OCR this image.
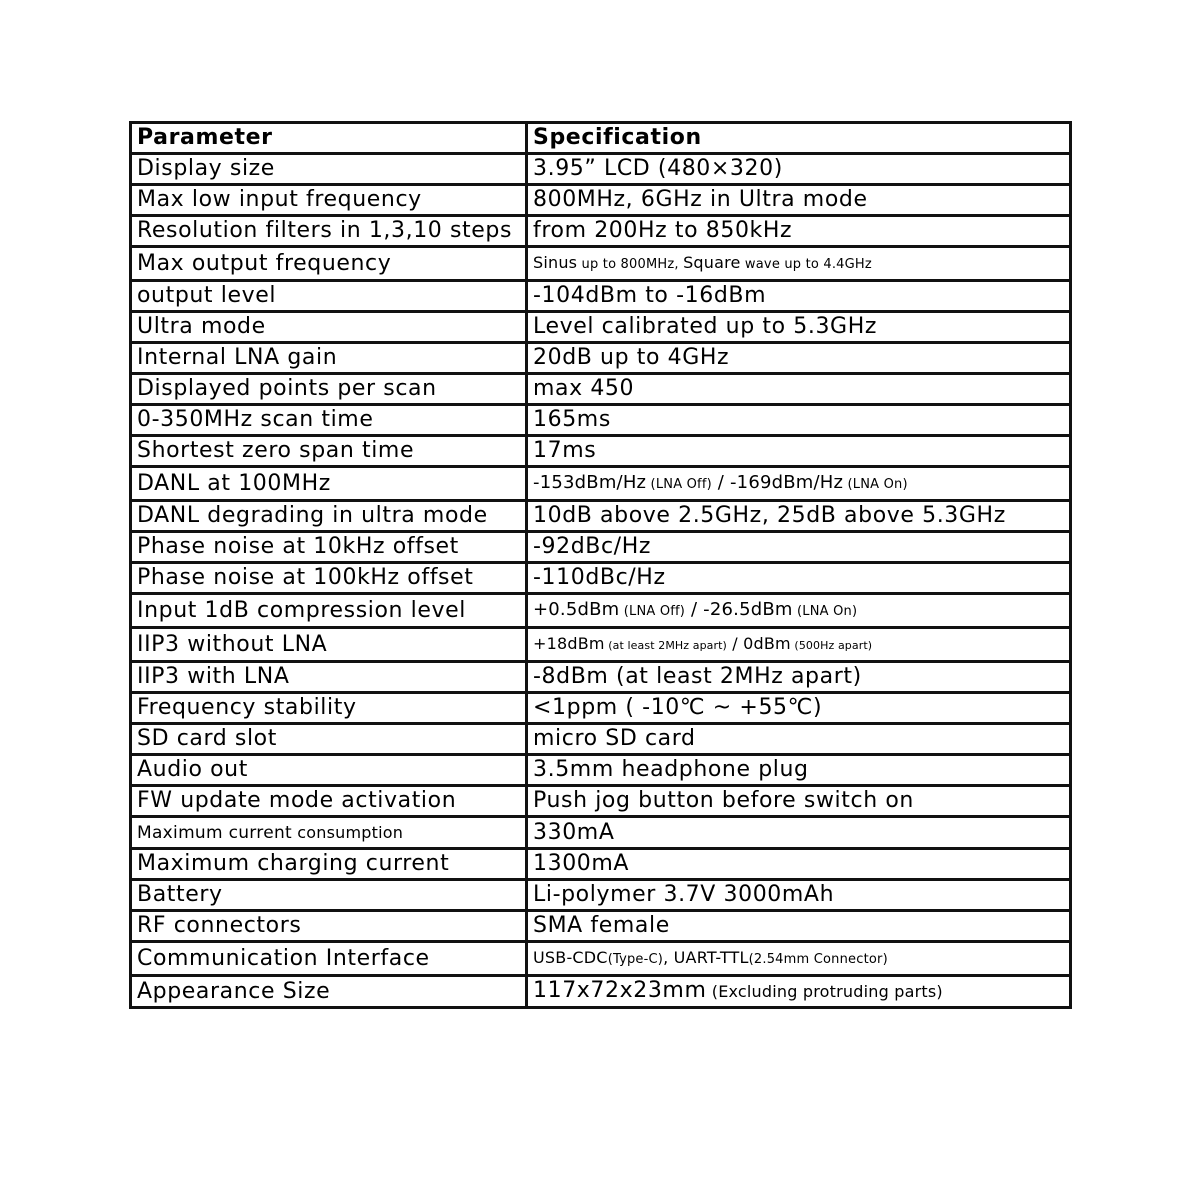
Parameter	Specification
Display size	3.95” LCD (480×320)
Max low input frequency	800MHz, 6GHz in Ultra mode
Resolution filters in 1,3,10 steps	from 200Hz to 850kHz
Max output frequency	Sinus up to 800MHz, Square wave up to 4.4GHz
output level	-104dBm to -16dBm
Ultra mode	Level calibrated up to 5.3GHz
Internal LNA gain	20dB up to 4GHz
Displayed points per scan	max 450
0-350MHz scan time	165ms
Shortest zero span time	17ms
DANL at 100MHz	-153dBm/Hz (LNA Off) / -169dBm/Hz (LNA On)
DANL degrading in ultra mode	10dB above 2.5GHz, 25dB above 5.3GHz
Phase noise at 10kHz offset	-92dBc/Hz
Phase noise at 100kHz offset	-110dBc/Hz
Input 1dB compression level	+0.5dBm (LNA Off) / -26.5dBm (LNA On)
IIP3 without LNA	+18dBm (at least 2MHz apart) / 0dBm (500Hz apart)
IIP3 with LNA	-8dBm (at least 2MHz apart)
Frequency stability	<1ppm ( -10℃ ~ +55℃)
SD card slot	micro SD card
Audio out	3.5mm headphone plug
FW update mode activation	Push jog button before switch on
Maximum current consumption	330mA
Maximum charging current	1300mA
Battery	Li-polymer 3.7V 3000mAh
RF connectors	SMA female
Communication Interface	USB-CDC(Type-C), UART-TTL(2.54mm Connector)
Appearance Size	117x72x23mm (Excluding protruding parts)
